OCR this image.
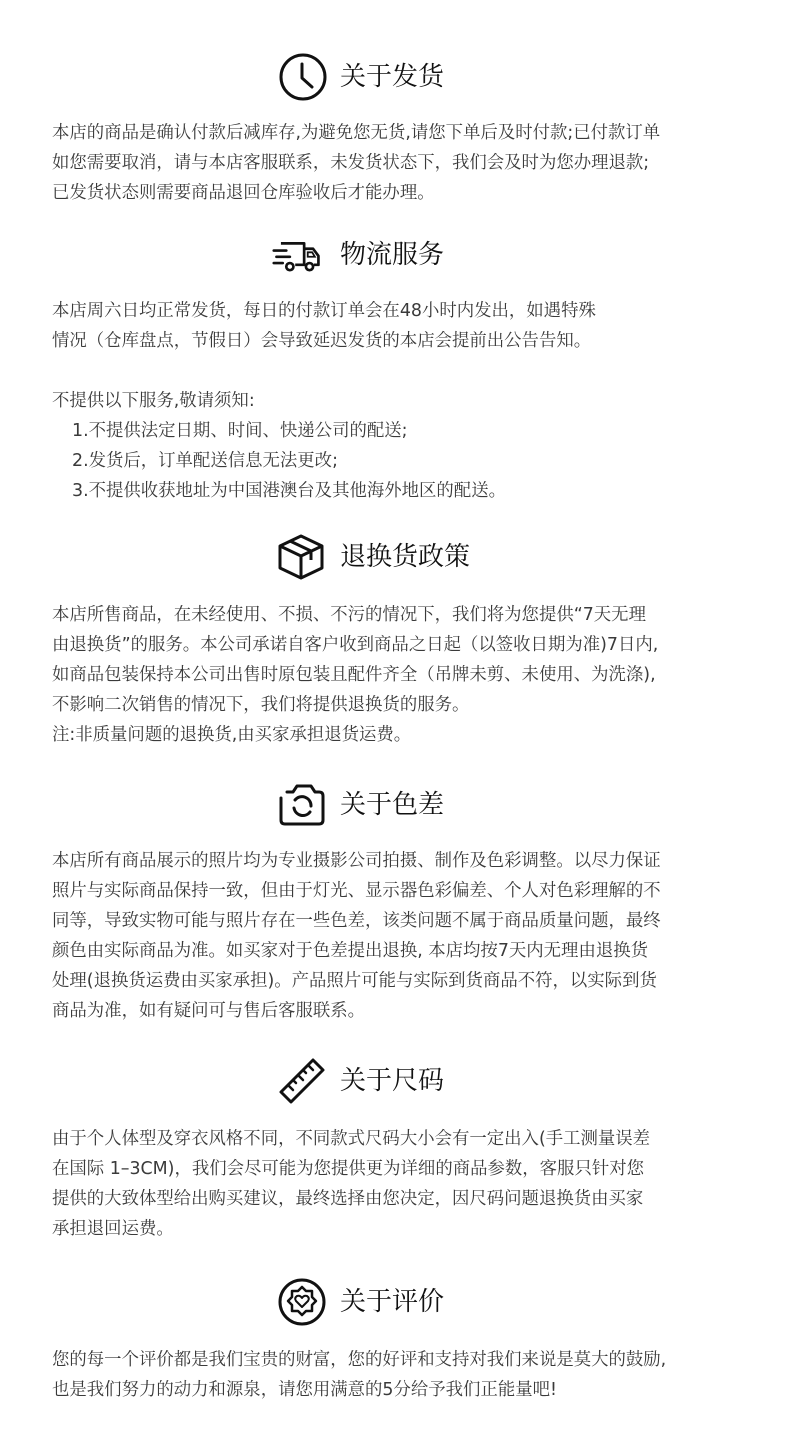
关于发货
本店的商品是确认付款后减库存,为避免您无货,请您下单后及时付款;已付款订单
如您需要取消，请与本店客服联系，未发货状态下，我们会及时为您办理退款;
已发货状态则需要商品退回仓库验收后才能办理。
物流服务
本店周六日均正常发货，每日的付款订单会在48小时内发出，如遇特殊
情况（仓库盘点，节假日）会导致延迟发货的本店会提前出公告告知。
不提供以下服务,敬请须知:
1.不提供法定日期、时间、快递公司的配送;
2.发货后，订单配送信息无法更改;
3.不提供收获地址为中国港澳台及其他海外地区的配送。
退换货政策
本店所售商品，在未经使用、不损、不污的情况下，我们将为您提供“7天无理
由退换货”的服务。本公司承诺自客户收到商品之日起（以签收日期为准)7日内,
如商品包装保持本公司出售时原包装且配件齐全（吊牌未剪、未使用、为洗涤),
不影响二次销售的情况下，我们将提供退换货的服务。
注:非质量问题的退换货,由买家承担退货运费。
关于色差
本店所有商品展示的照片均为专业摄影公司拍摄、制作及色彩调整。以尽力保证
照片与实际商品保持一致，但由于灯光、显示器色彩偏差、个人对色彩理解的不
同等，导致实物可能与照片存在一些色差，该类问题不属于商品质量问题，最终
颜色由实际商品为准。如买家对于色差提出退换, 本店均按7天内无理由退换货
处理(退换货运费由买家承担)。产品照片可能与实际到货商品不符，以实际到货
商品为准，如有疑问可与售后客服联系。
关于尺码
由于个人体型及穿衣风格不同，不同款式尺码大小会有一定出入(手工测量误差
在国际 1–3CM)，我们会尽可能为您提供更为详细的商品参数，客服只针对您
提供的大致体型给出购买建议，最终选择由您决定，因尺码问题退换货由买家
承担退回运费。
关于评价
您的每一个评价都是我们宝贵的财富，您的好评和支持对我们来说是莫大的鼓励,
也是我们努力的动力和源泉，请您用满意的5分给予我们正能量吧!
